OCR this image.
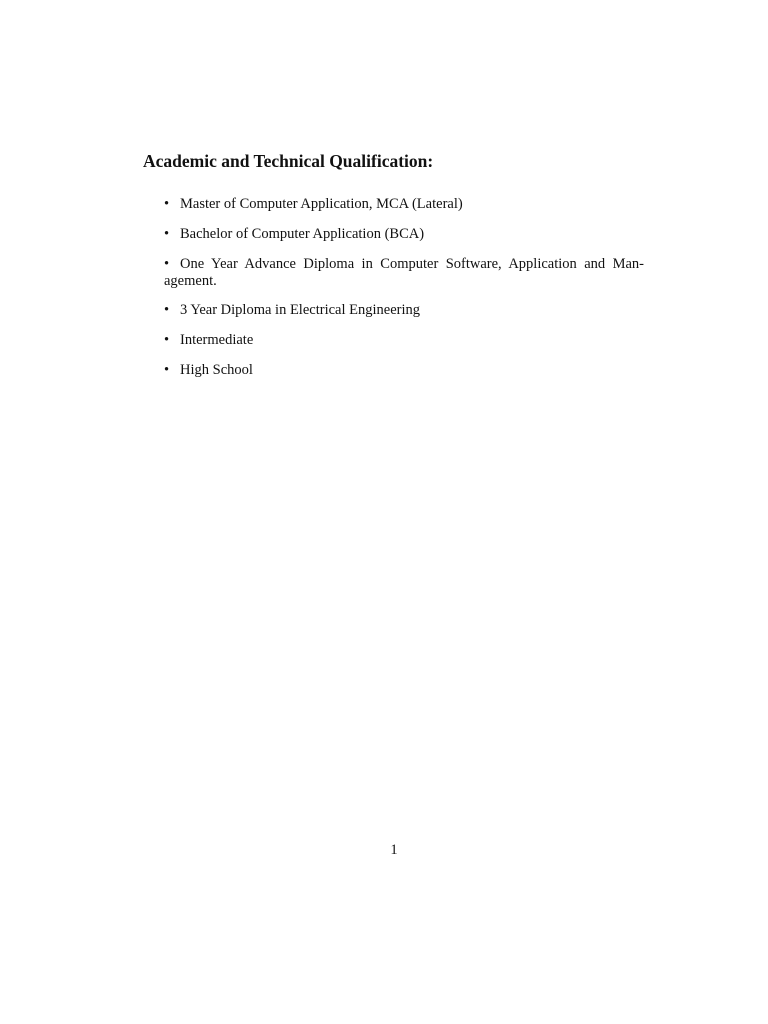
Academic and Technical Qualification:
• Master of Computer Application, MCA (Lateral)
• Bachelor of Computer Application (BCA)
• One Year Advance Diploma in Computer Software, Application and Man-
agement.
• 3 Year Diploma in Electrical Engineering
• Intermediate
• High School
1
